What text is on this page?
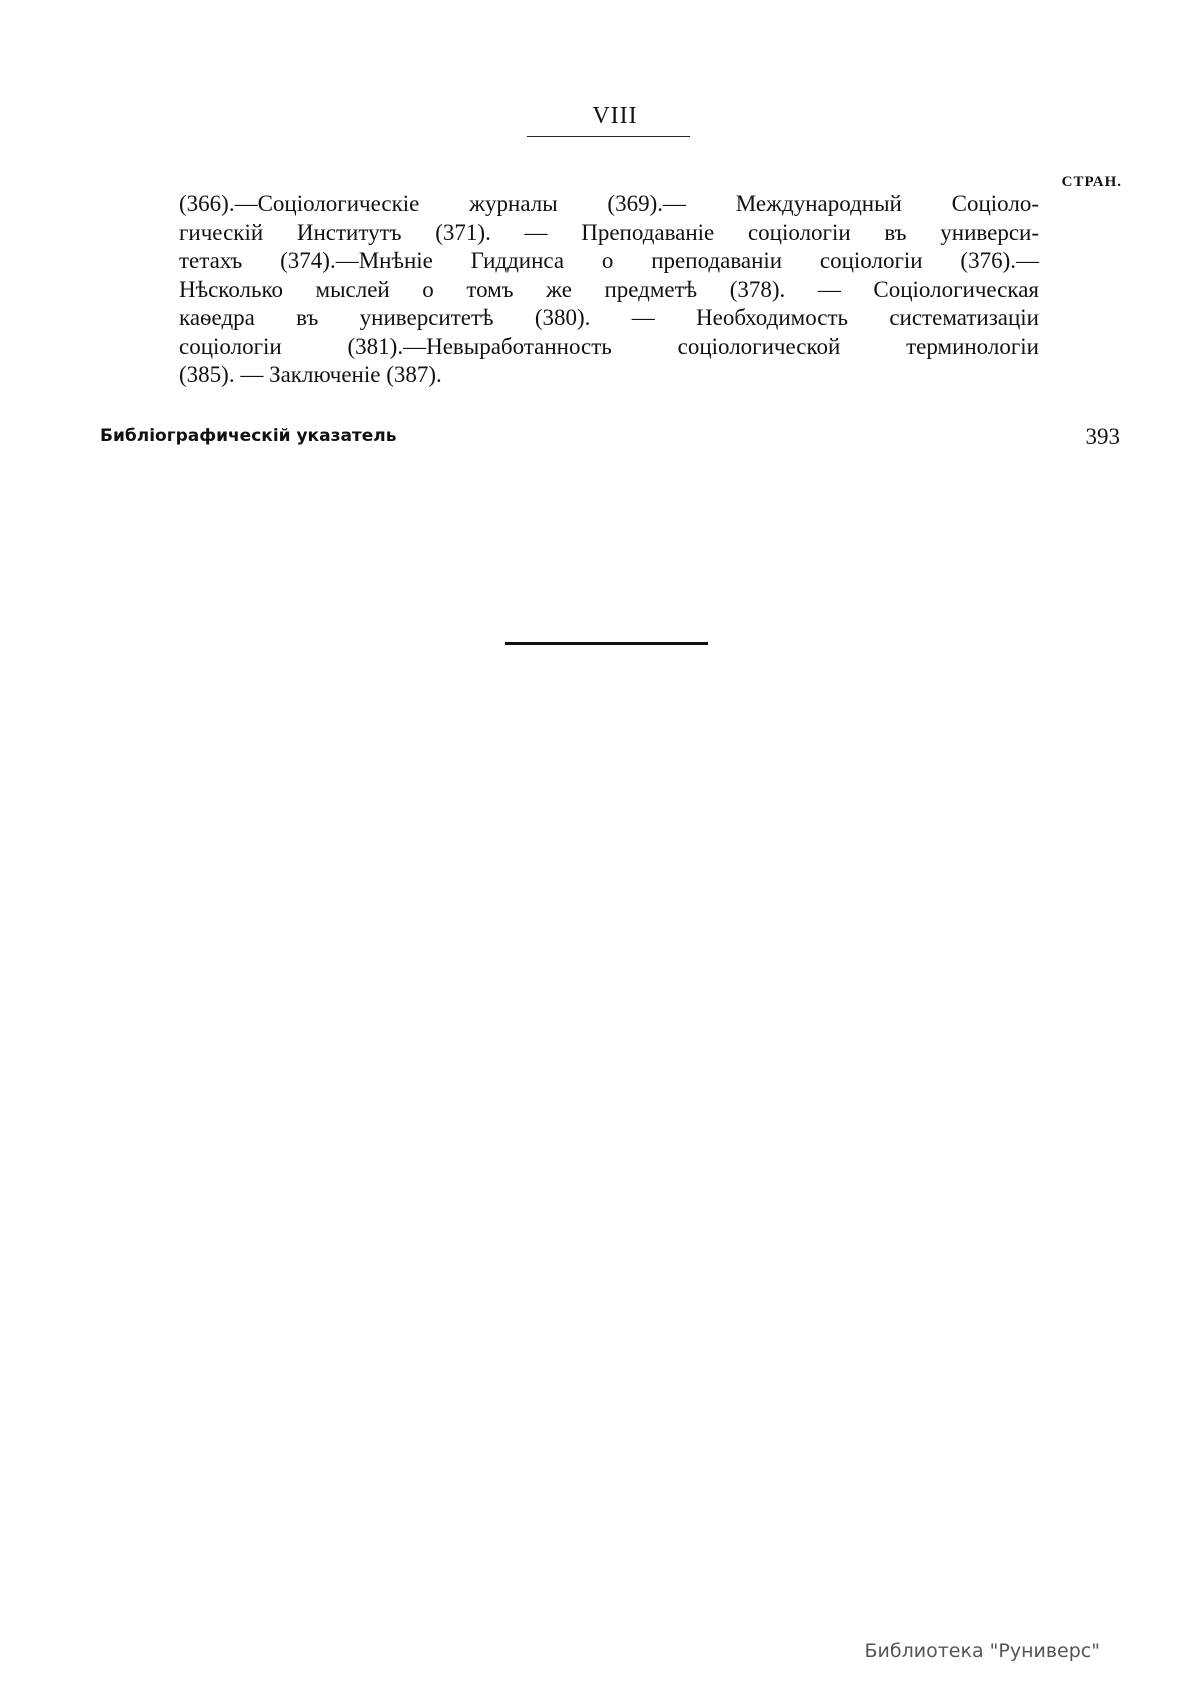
VIII
СТРАН.
(366).—Соціологическіе журналы (369).— Международный Соціоло-
гическій Институтъ (371). — Преподаваніе соціологіи въ универси-
тетахъ (374).—Мнѣніе Гиддинса о преподаваніи соціологіи (376).—
Нѣсколько мыслей о томъ же предметѣ (378). — Соціологическая
каѳедра въ университетѣ (380). — Необходимость систематизаціи
соціологіи (381).—Невыработанность соціологической терминологіи
(385). — Заключеніе (387).
Библіографическій указатель	393
Библиотека "Руниверс"
